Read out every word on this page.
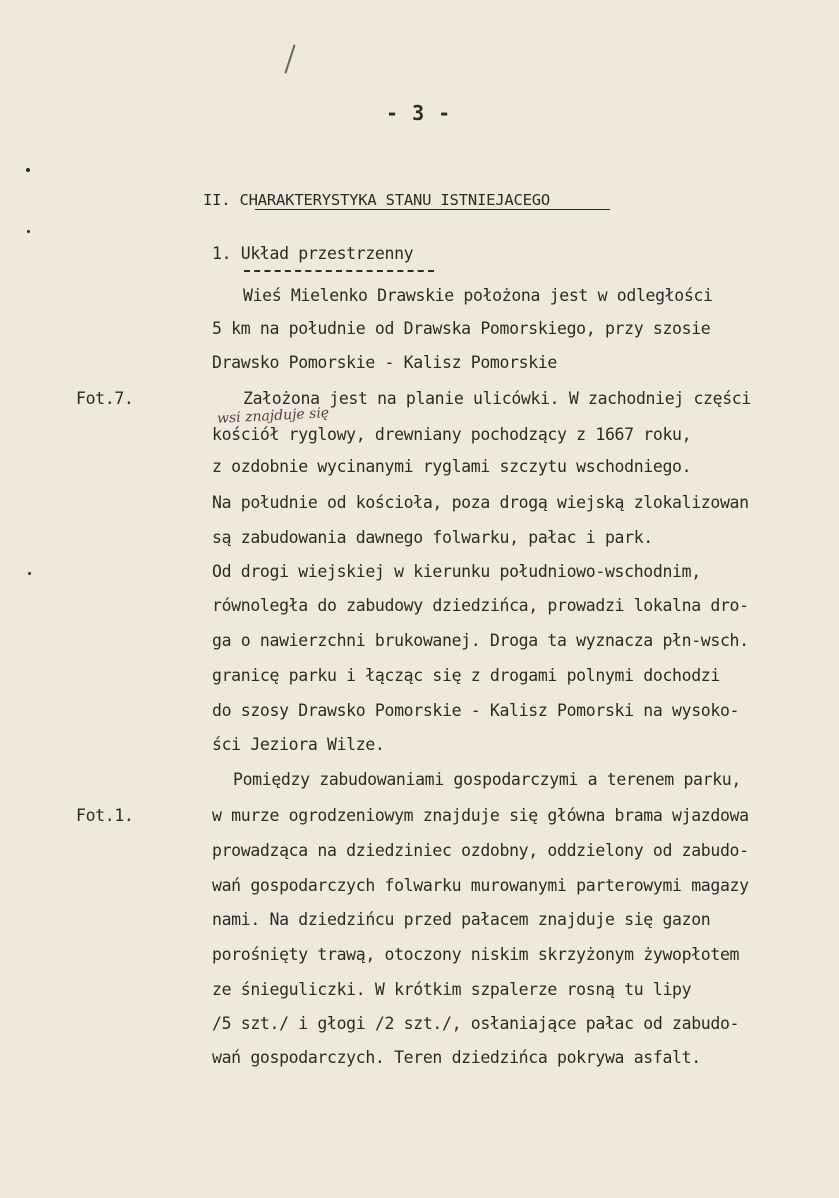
- 3 -
II. CHARAKTERYSTYKA STANU ISTNIEJACEGO
1. Układ przestrzenny
Fot.7.
Fot.1.
wsi znajduje się
Wieś Mielenko Drawskie położona jest w odległości
5 km na południe od Drawska Pomorskiego, przy szosie
Drawsko Pomorskie - Kalisz Pomorskie
Założona jest na planie ulicówki. W zachodniej części
kościół ryglowy, drewniany pochodzący z 1667 roku,
z ozdobnie wycinanymi ryglami szczytu wschodniego.
Na południe od kościoła, poza drogą wiejską zlokalizowan
są zabudowania dawnego folwarku, pałac i park.
Od drogi wiejskiej w kierunku południowo-wschodnim,
równoległa do zabudowy dziedzińca, prowadzi lokalna dro-
ga o nawierzchni brukowanej. Droga ta wyznacza płn-wsch.
granicę parku i łącząc się z drogami polnymi dochodzi
do szosy Drawsko Pomorskie - Kalisz Pomorski na wysoko-
ści Jeziora Wilze.
Pomiędzy zabudowaniami gospodarczymi a terenem parku,
w murze ogrodzeniowym znajduje się główna brama wjazdowa
prowadząca na dziedziniec ozdobny, oddzielony od zabudo-
wań gospodarczych folwarku murowanymi parterowymi magazy
nami. Na dziedzińcu przed pałacem znajduje się gazon
porośnięty trawą, otoczony niskim skrzyżonym żywopłotem
ze śnieguliczki. W krótkim szpalerze rosną tu lipy
/5 szt./ i głogi /2 szt./, osłaniające pałac od zabudo-
wań gospodarczych. Teren dziedzińca pokrywa asfalt.
